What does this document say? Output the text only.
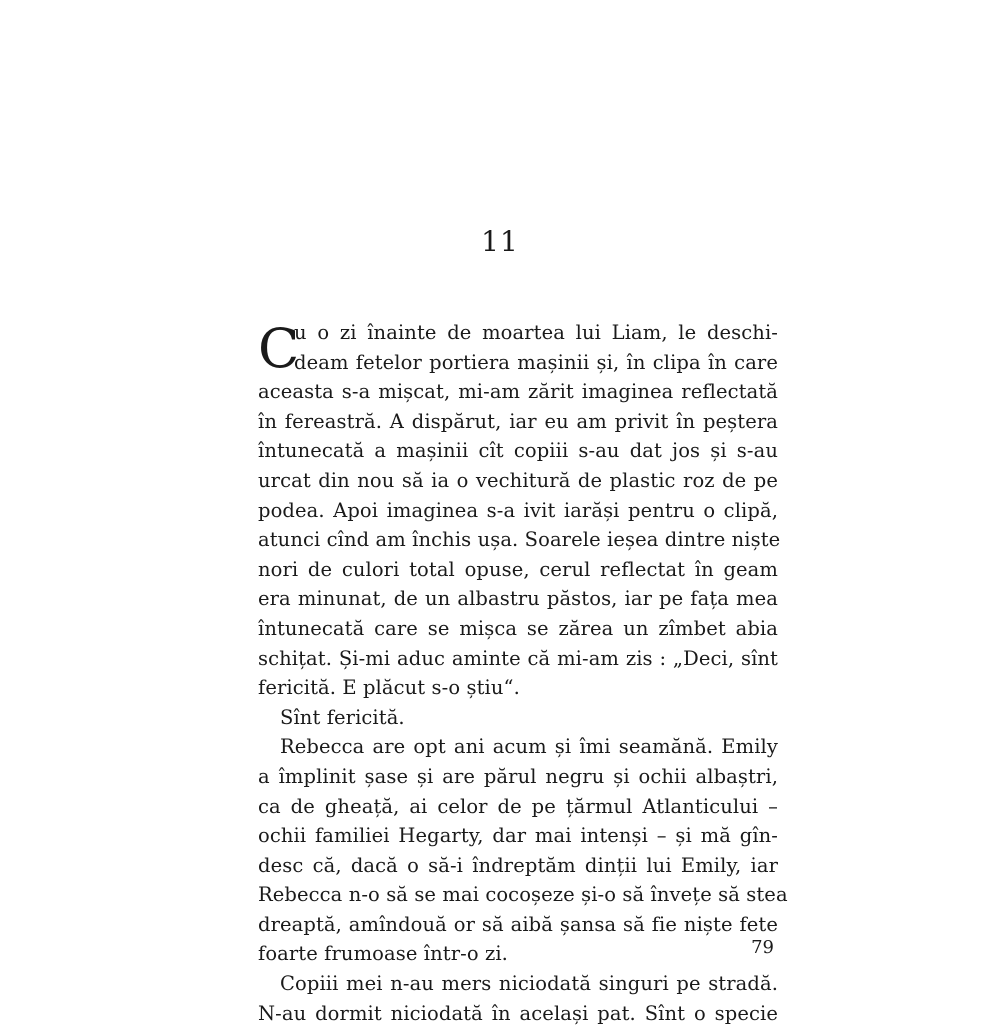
11
C
u o zi înainte de moartea lui Liam, le deschi-
deam fetelor portiera mașinii și, în clipa în care
aceasta s-a mișcat, mi-am zărit imaginea reflectată
în fereastră. A dispărut, iar eu am privit în peștera
întunecată a mașinii cît copiii s-au dat jos și s-au
urcat din nou să ia o vechitură de plastic roz de pe
podea. Apoi imaginea s-a ivit iarăși pentru o clipă,
atunci cînd am închis ușa. Soarele ieșea dintre niște
nori de culori total opuse, cerul reflectat în geam
era minunat, de un albastru păstos, iar pe fața mea
întunecată care se mișca se zărea un zîmbet abia
schițat. Și-mi aduc aminte că mi-am zis : „Deci, sînt
fericită. E plăcut s-o știu“.
Sînt fericită.
Rebecca are opt ani acum și îmi seamănă. Emily
a împlinit șase și are părul negru și ochii albaștri,
ca de gheață, ai celor de pe țărmul Atlanticului –
ochii familiei Hegarty, dar mai intenși – și mă gîn-
desc că, dacă o să-i îndreptăm dinții lui Emily, iar
Rebecca n-o să se mai cocoșeze și-o să învețe să stea
dreaptă, amîndouă or să aibă șansa să fie niște fete
foarte frumoase într-o zi.
Copiii mei n-au mers niciodată singuri pe stradă.
N-au dormit niciodată în același pat. Sînt o specie
79
